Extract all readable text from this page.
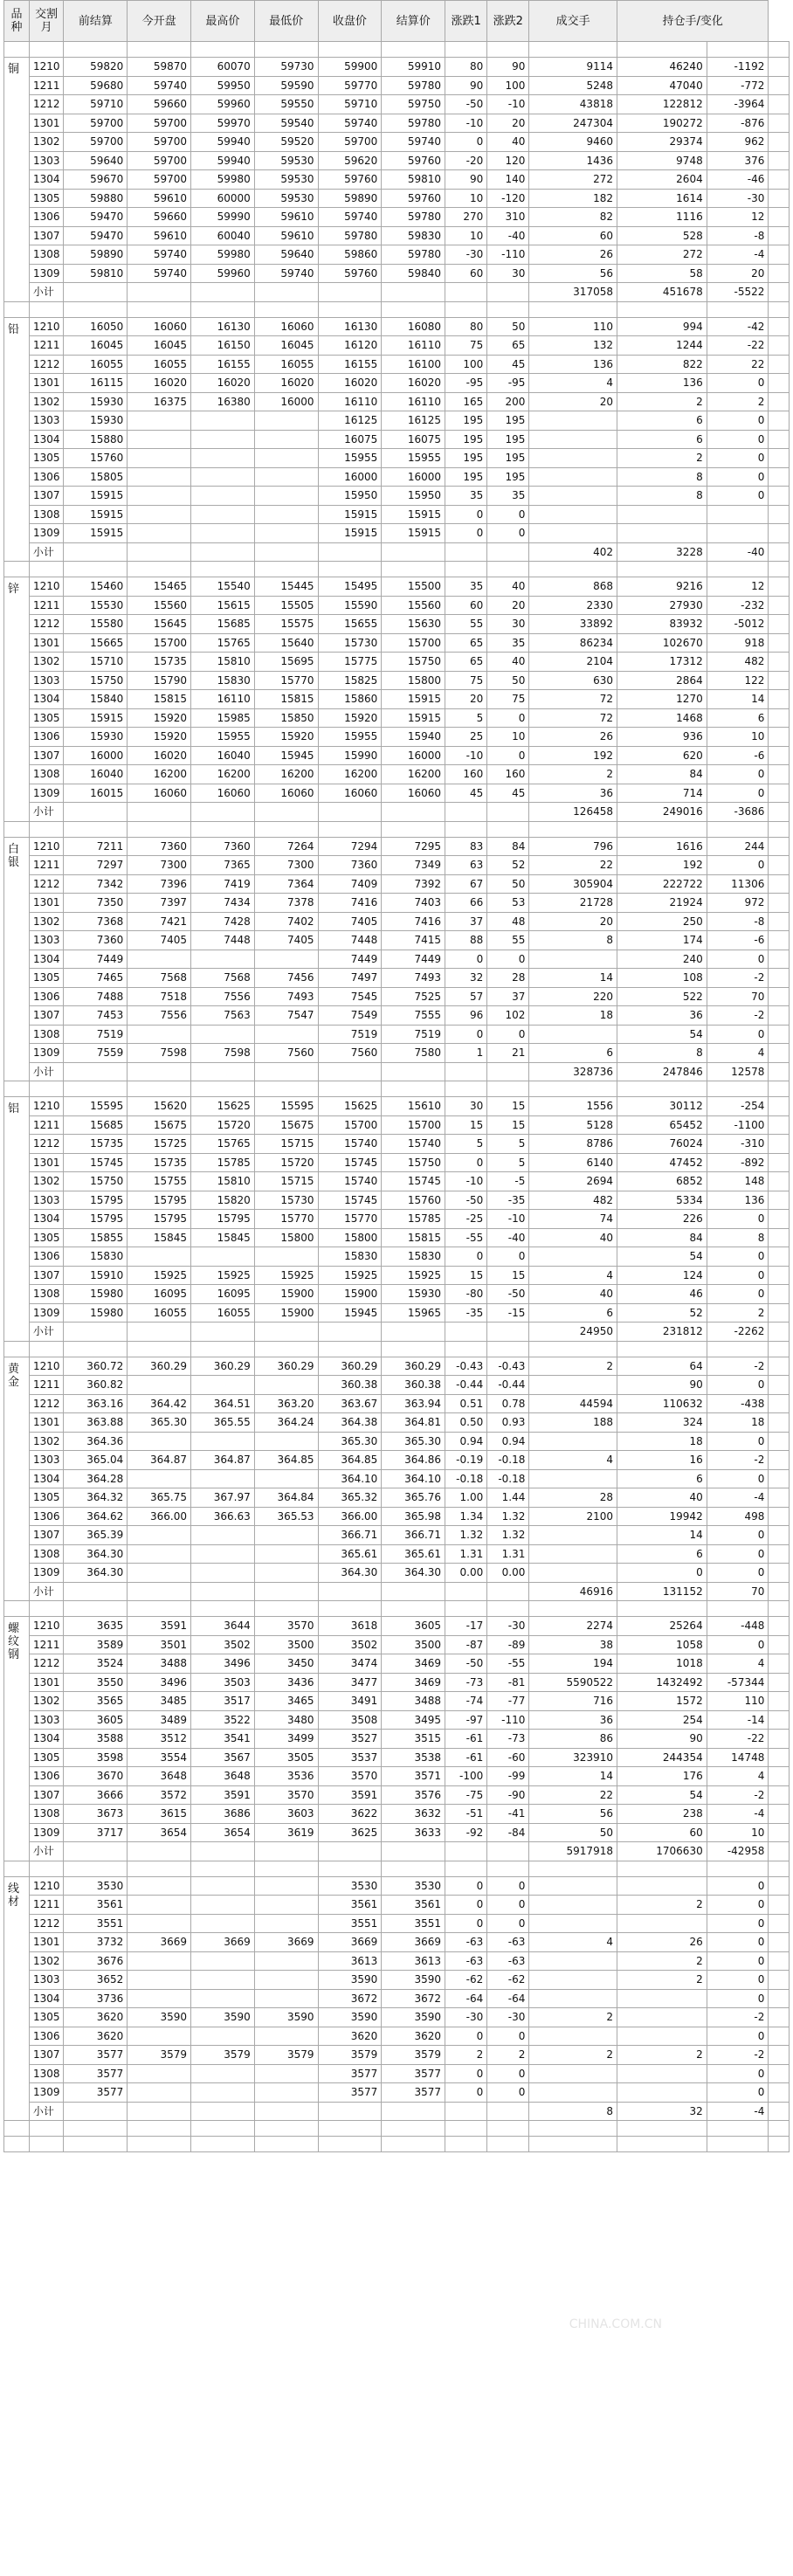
品种	交割月	前结算	今开盘	最高价	最低价	收盘价	结算价	涨跌1	涨跌2	成交手	持仓手/变化	

铜	1210	59820	59870	60070	59730	59900	59910	80	90	9114	46240	-1192	
	1211	59680	59740	59950	59590	59770	59780	90	100	5248	47040	-772	
	1212	59710	59660	59960	59550	59710	59750	-50	-10	43818	122812	-3964	
	1301	59700	59700	59970	59540	59740	59780	-10	20	247304	190272	-876	
	1302	59700	59700	59940	59520	59700	59740	0	40	9460	29374	962	
	1303	59640	59700	59940	59530	59620	59760	-20	120	1436	9748	376	
	1304	59670	59700	59980	59530	59760	59810	90	140	272	2604	-46	
	1305	59880	59610	60000	59530	59890	59760	10	-120	182	1614	-30	
	1306	59470	59660	59990	59610	59740	59780	270	310	82	1116	12	
	1307	59470	59610	60040	59610	59780	59830	10	-40	60	528	-8	
	1308	59890	59740	59980	59640	59860	59780	-30	-110	26	272	-4	
	1309	59810	59740	59960	59740	59760	59840	60	30	56	58	20	
	小计									317058	451678	-5522	

铅	1210	16050	16060	16130	16060	16130	16080	80	50	110	994	-42	
	1211	16045	16045	16150	16045	16120	16110	75	65	132	1244	-22	
	1212	16055	16055	16155	16055	16155	16100	100	45	136	822	22	
	1301	16115	16020	16020	16020	16020	16020	-95	-95	4	136	0	
	1302	15930	16375	16380	16000	16110	16110	165	200	20	2	2	
	1303	15930				16125	16125	195	195		6	0	
	1304	15880				16075	16075	195	195		6	0	
	1305	15760				15955	15955	195	195		2	0	
	1306	15805				16000	16000	195	195		8	0	
	1307	15915				15950	15950	35	35		8	0	
	1308	15915				15915	15915	0	0				
	1309	15915				15915	15915	0	0				
	小计									402	3228	-40	

锌	1210	15460	15465	15540	15445	15495	15500	35	40	868	9216	12	
	1211	15530	15560	15615	15505	15590	15560	60	20	2330	27930	-232	
	1212	15580	15645	15685	15575	15655	15630	55	30	33892	83932	-5012	
	1301	15665	15700	15765	15640	15730	15700	65	35	86234	102670	918	
	1302	15710	15735	15810	15695	15775	15750	65	40	2104	17312	482	
	1303	15750	15790	15830	15770	15825	15800	75	50	630	2864	122	
	1304	15840	15815	16110	15815	15860	15915	20	75	72	1270	14	
	1305	15915	15920	15985	15850	15920	15915	5	0	72	1468	6	
	1306	15930	15920	15955	15920	15955	15940	25	10	26	936	10	
	1307	16000	16020	16040	15945	15990	16000	-10	0	192	620	-6	
	1308	16040	16200	16200	16200	16200	16200	160	160	2	84	0	
	1309	16015	16060	16060	16060	16060	16060	45	45	36	714	0	
	小计									126458	249016	-3686	

白银	1210	7211	7360	7360	7264	7294	7295	83	84	796	1616	244	
	1211	7297	7300	7365	7300	7360	7349	63	52	22	192	0	
	1212	7342	7396	7419	7364	7409	7392	67	50	305904	222722	11306	
	1301	7350	7397	7434	7378	7416	7403	66	53	21728	21924	972	
	1302	7368	7421	7428	7402	7405	7416	37	48	20	250	-8	
	1303	7360	7405	7448	7405	7448	7415	88	55	8	174	-6	
	1304	7449				7449	7449	0	0		240	0	
	1305	7465	7568	7568	7456	7497	7493	32	28	14	108	-2	
	1306	7488	7518	7556	7493	7545	7525	57	37	220	522	70	
	1307	7453	7556	7563	7547	7549	7555	96	102	18	36	-2	
	1308	7519				7519	7519	0	0		54	0	
	1309	7559	7598	7598	7560	7560	7580	1	21	6	8	4	
	小计									328736	247846	12578	

铝	1210	15595	15620	15625	15595	15625	15610	30	15	1556	30112	-254	
	1211	15685	15675	15720	15675	15700	15700	15	15	5128	65452	-1100	
	1212	15735	15725	15765	15715	15740	15740	5	5	8786	76024	-310	
	1301	15745	15735	15785	15720	15745	15750	0	5	6140	47452	-892	
	1302	15750	15755	15810	15715	15740	15745	-10	-5	2694	6852	148	
	1303	15795	15795	15820	15730	15745	15760	-50	-35	482	5334	136	
	1304	15795	15795	15795	15770	15770	15785	-25	-10	74	226	0	
	1305	15855	15845	15845	15800	15800	15815	-55	-40	40	84	8	
	1306	15830				15830	15830	0	0		54	0	
	1307	15910	15925	15925	15925	15925	15925	15	15	4	124	0	
	1308	15980	16095	16095	15900	15900	15930	-80	-50	40	46	0	
	1309	15980	16055	16055	15900	15945	15965	-35	-15	6	52	2	
	小计									24950	231812	-2262	

黄金	1210	360.72	360.29	360.29	360.29	360.29	360.29	-0.43	-0.43	2	64	-2	
	1211	360.82				360.38	360.38	-0.44	-0.44		90	0	
	1212	363.16	364.42	364.51	363.20	363.67	363.94	0.51	0.78	44594	110632	-438	
	1301	363.88	365.30	365.55	364.24	364.38	364.81	0.50	0.93	188	324	18	
	1302	364.36				365.30	365.30	0.94	0.94		18	0	
	1303	365.04	364.87	364.87	364.85	364.85	364.86	-0.19	-0.18	4	16	-2	
	1304	364.28				364.10	364.10	-0.18	-0.18		6	0	
	1305	364.32	365.75	367.97	364.84	365.32	365.76	1.00	1.44	28	40	-4	
	1306	364.62	366.00	366.63	365.53	366.00	365.98	1.34	1.32	2100	19942	498	
	1307	365.39				366.71	366.71	1.32	1.32		14	0	
	1308	364.30				365.61	365.61	1.31	1.31		6	0	
	1309	364.30				364.30	364.30	0.00	0.00		0	0	
	小计									46916	131152	70	

螺纹钢	1210	3635	3591	3644	3570	3618	3605	-17	-30	2274	25264	-448	
	1211	3589	3501	3502	3500	3502	3500	-87	-89	38	1058	0	
	1212	3524	3488	3496	3450	3474	3469	-50	-55	194	1018	4	
	1301	3550	3496	3503	3436	3477	3469	-73	-81	5590522	1432492	-57344	
	1302	3565	3485	3517	3465	3491	3488	-74	-77	716	1572	110	
	1303	3605	3489	3522	3480	3508	3495	-97	-110	36	254	-14	
	1304	3588	3512	3541	3499	3527	3515	-61	-73	86	90	-22	
	1305	3598	3554	3567	3505	3537	3538	-61	-60	323910	244354	14748	
	1306	3670	3648	3648	3536	3570	3571	-100	-99	14	176	4	
	1307	3666	3572	3591	3570	3591	3576	-75	-90	22	54	-2	
	1308	3673	3615	3686	3603	3622	3632	-51	-41	56	238	-4	
	1309	3717	3654	3654	3619	3625	3633	-92	-84	50	60	10	
	小计									5917918	1706630	-42958	

线材	1210	3530				3530	3530	0	0			0	
	1211	3561				3561	3561	0	0		2	0	
	1212	3551				3551	3551	0	0			0	
	1301	3732	3669	3669	3669	3669	3669	-63	-63	4	26	0	
	1302	3676				3613	3613	-63	-63		2	0	
	1303	3652				3590	3590	-62	-62		2	0	
	1304	3736				3672	3672	-64	-64			0	
	1305	3620	3590	3590	3590	3590	3590	-30	-30	2		-2	
	1306	3620				3620	3620	0	0			0	
	1307	3577	3579	3579	3579	3579	3579	2	2	2	2	-2	
	1308	3577				3577	3577	0	0			0	
	1309	3577				3577	3577	0	0			0	
	小计									8	32	-4	

CHINA.COM.CN
